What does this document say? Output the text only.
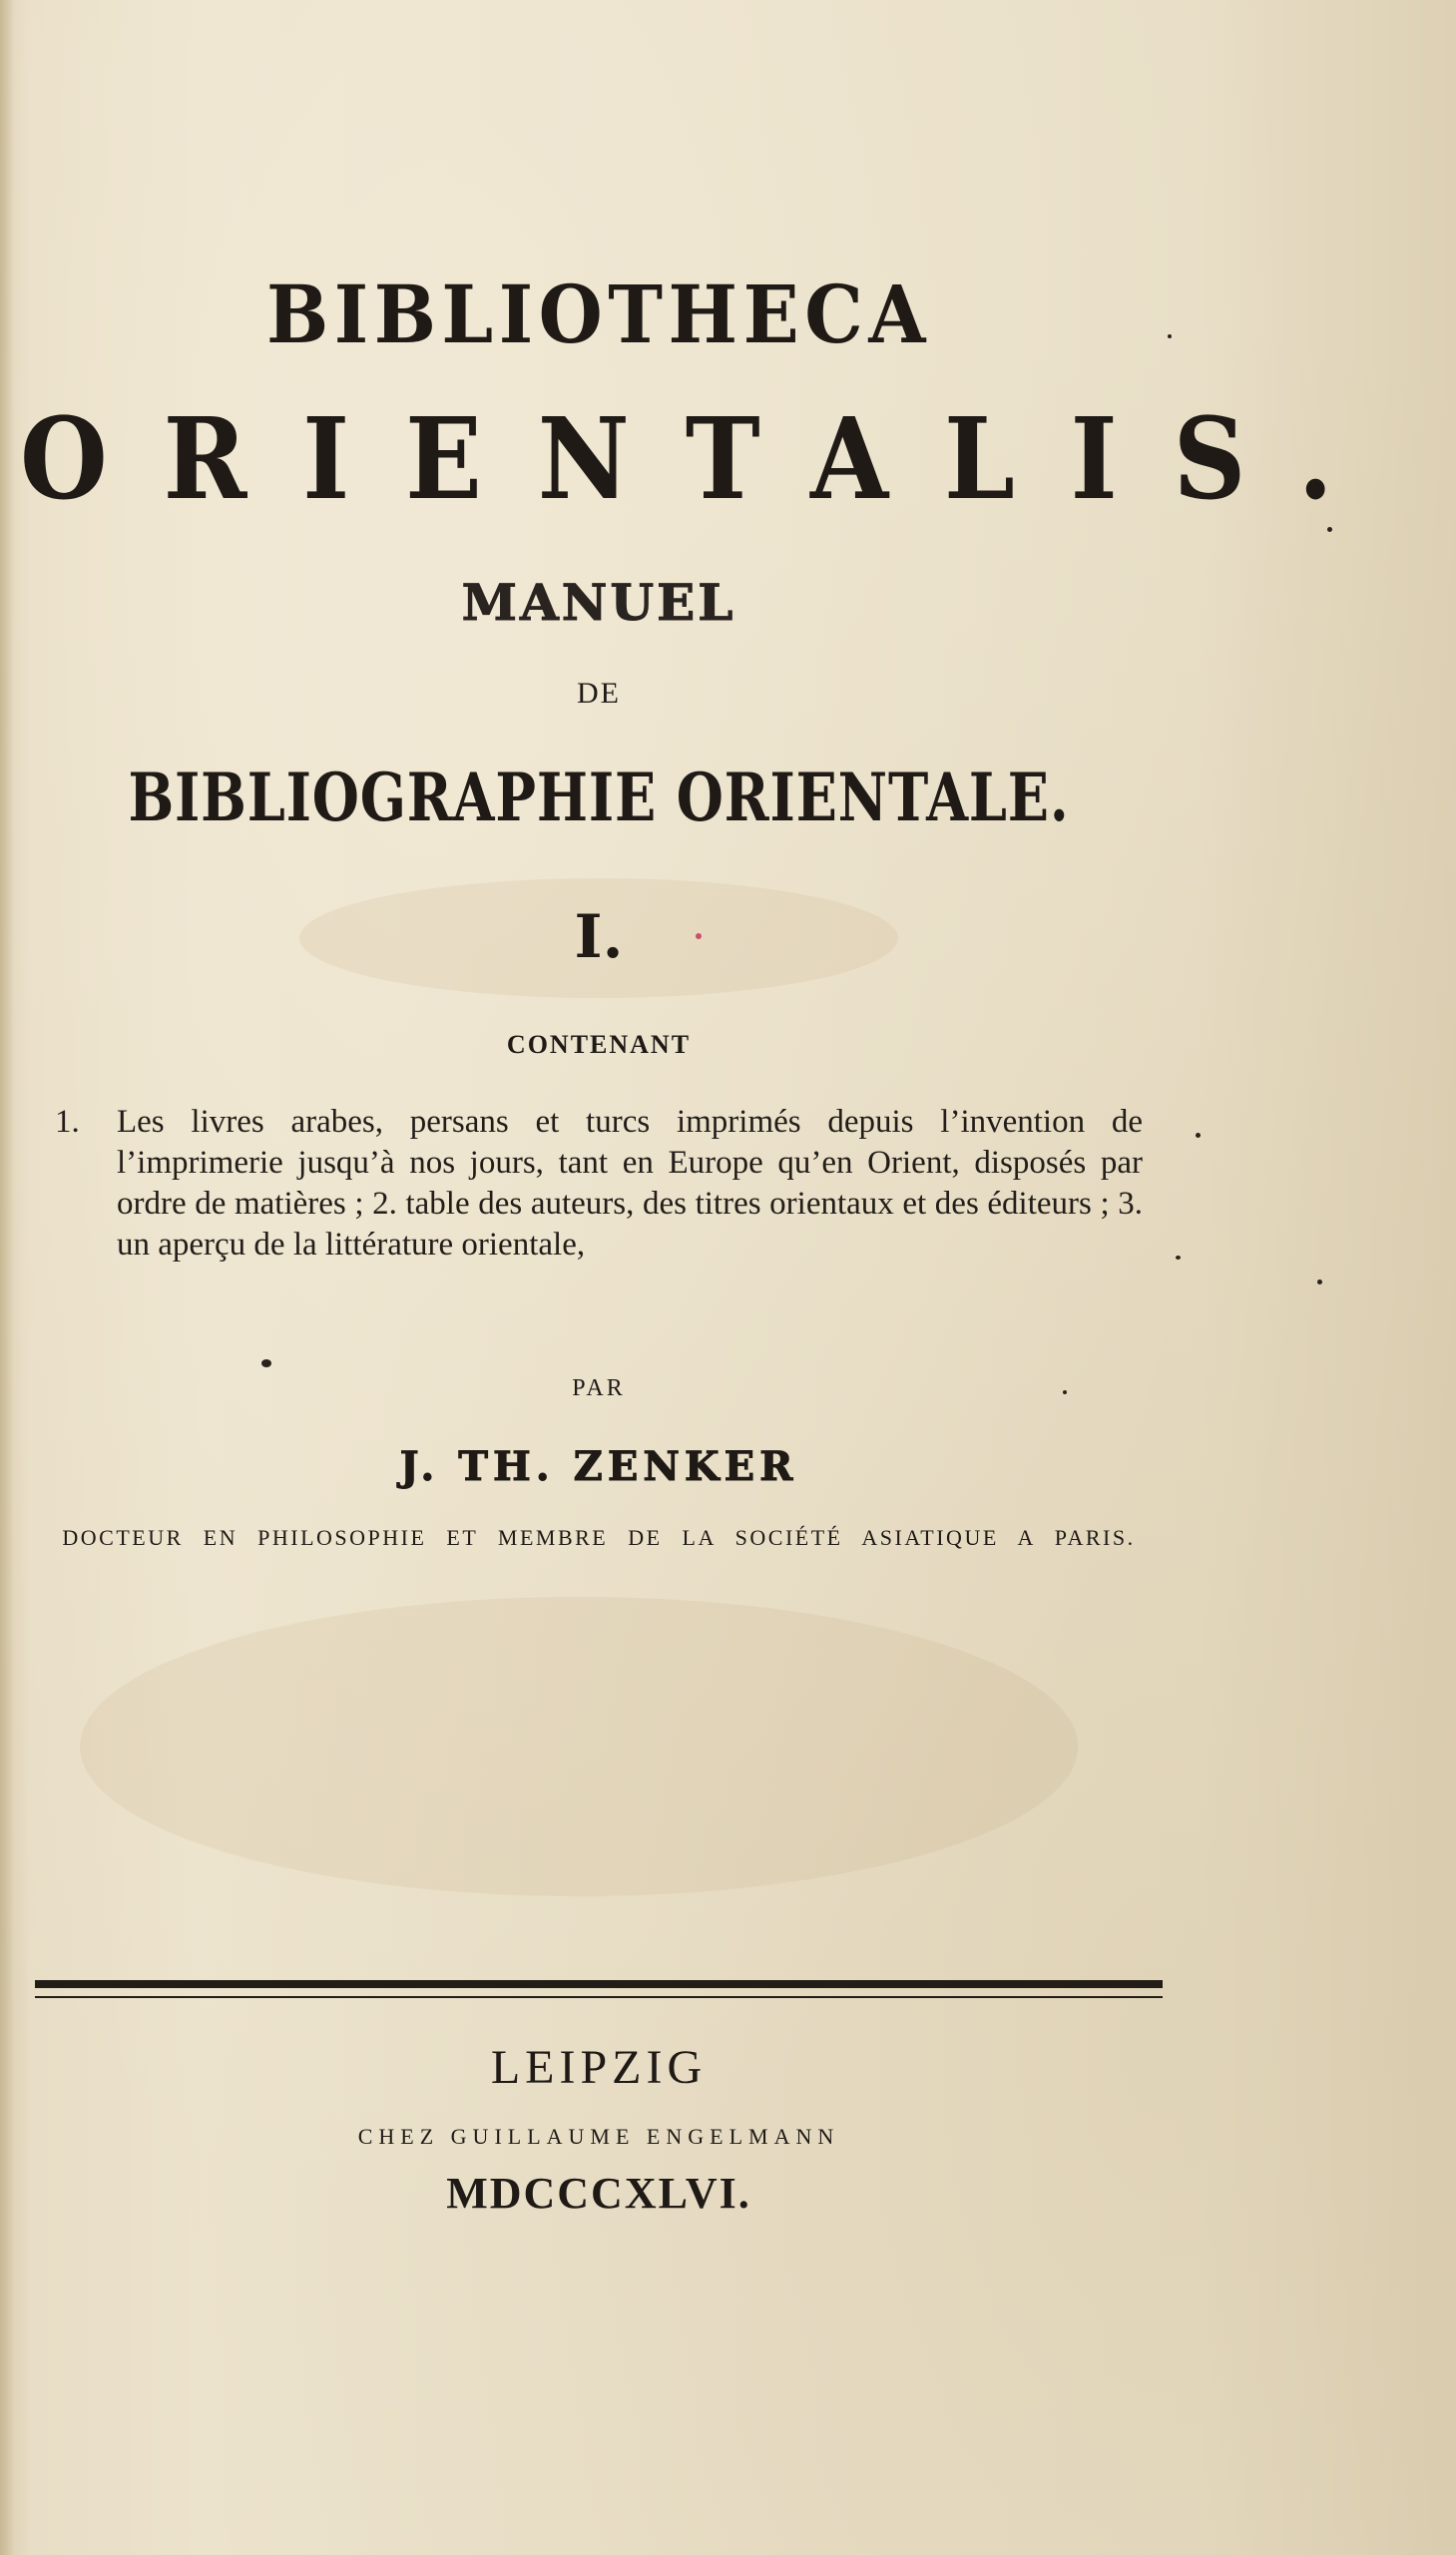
BIBLIOTHECA
ORIENTALIS.
MANUEL
DE
BIBLIOGRAPHIE ORIENTALE.
I.
CONTENANT
1. Les livres arabes, persans et turcs imprimés depuis l’invention de l’imprimerie jusqu’à nos jours, tant en Europe qu’en Orient, disposés par ordre de matières ; 2. table des auteurs, des titres orientaux et des éditeurs ; 3. un aperçu de la littérature orientale,
PAR
J. TH. ZENKER
DOCTEUR EN PHILOSOPHIE ET MEMBRE DE LA SOCIÉTÉ ASIATIQUE A PARIS.
LEIPZIG
CHEZ GUILLAUME ENGELMANN
MDCCCXLVI.
